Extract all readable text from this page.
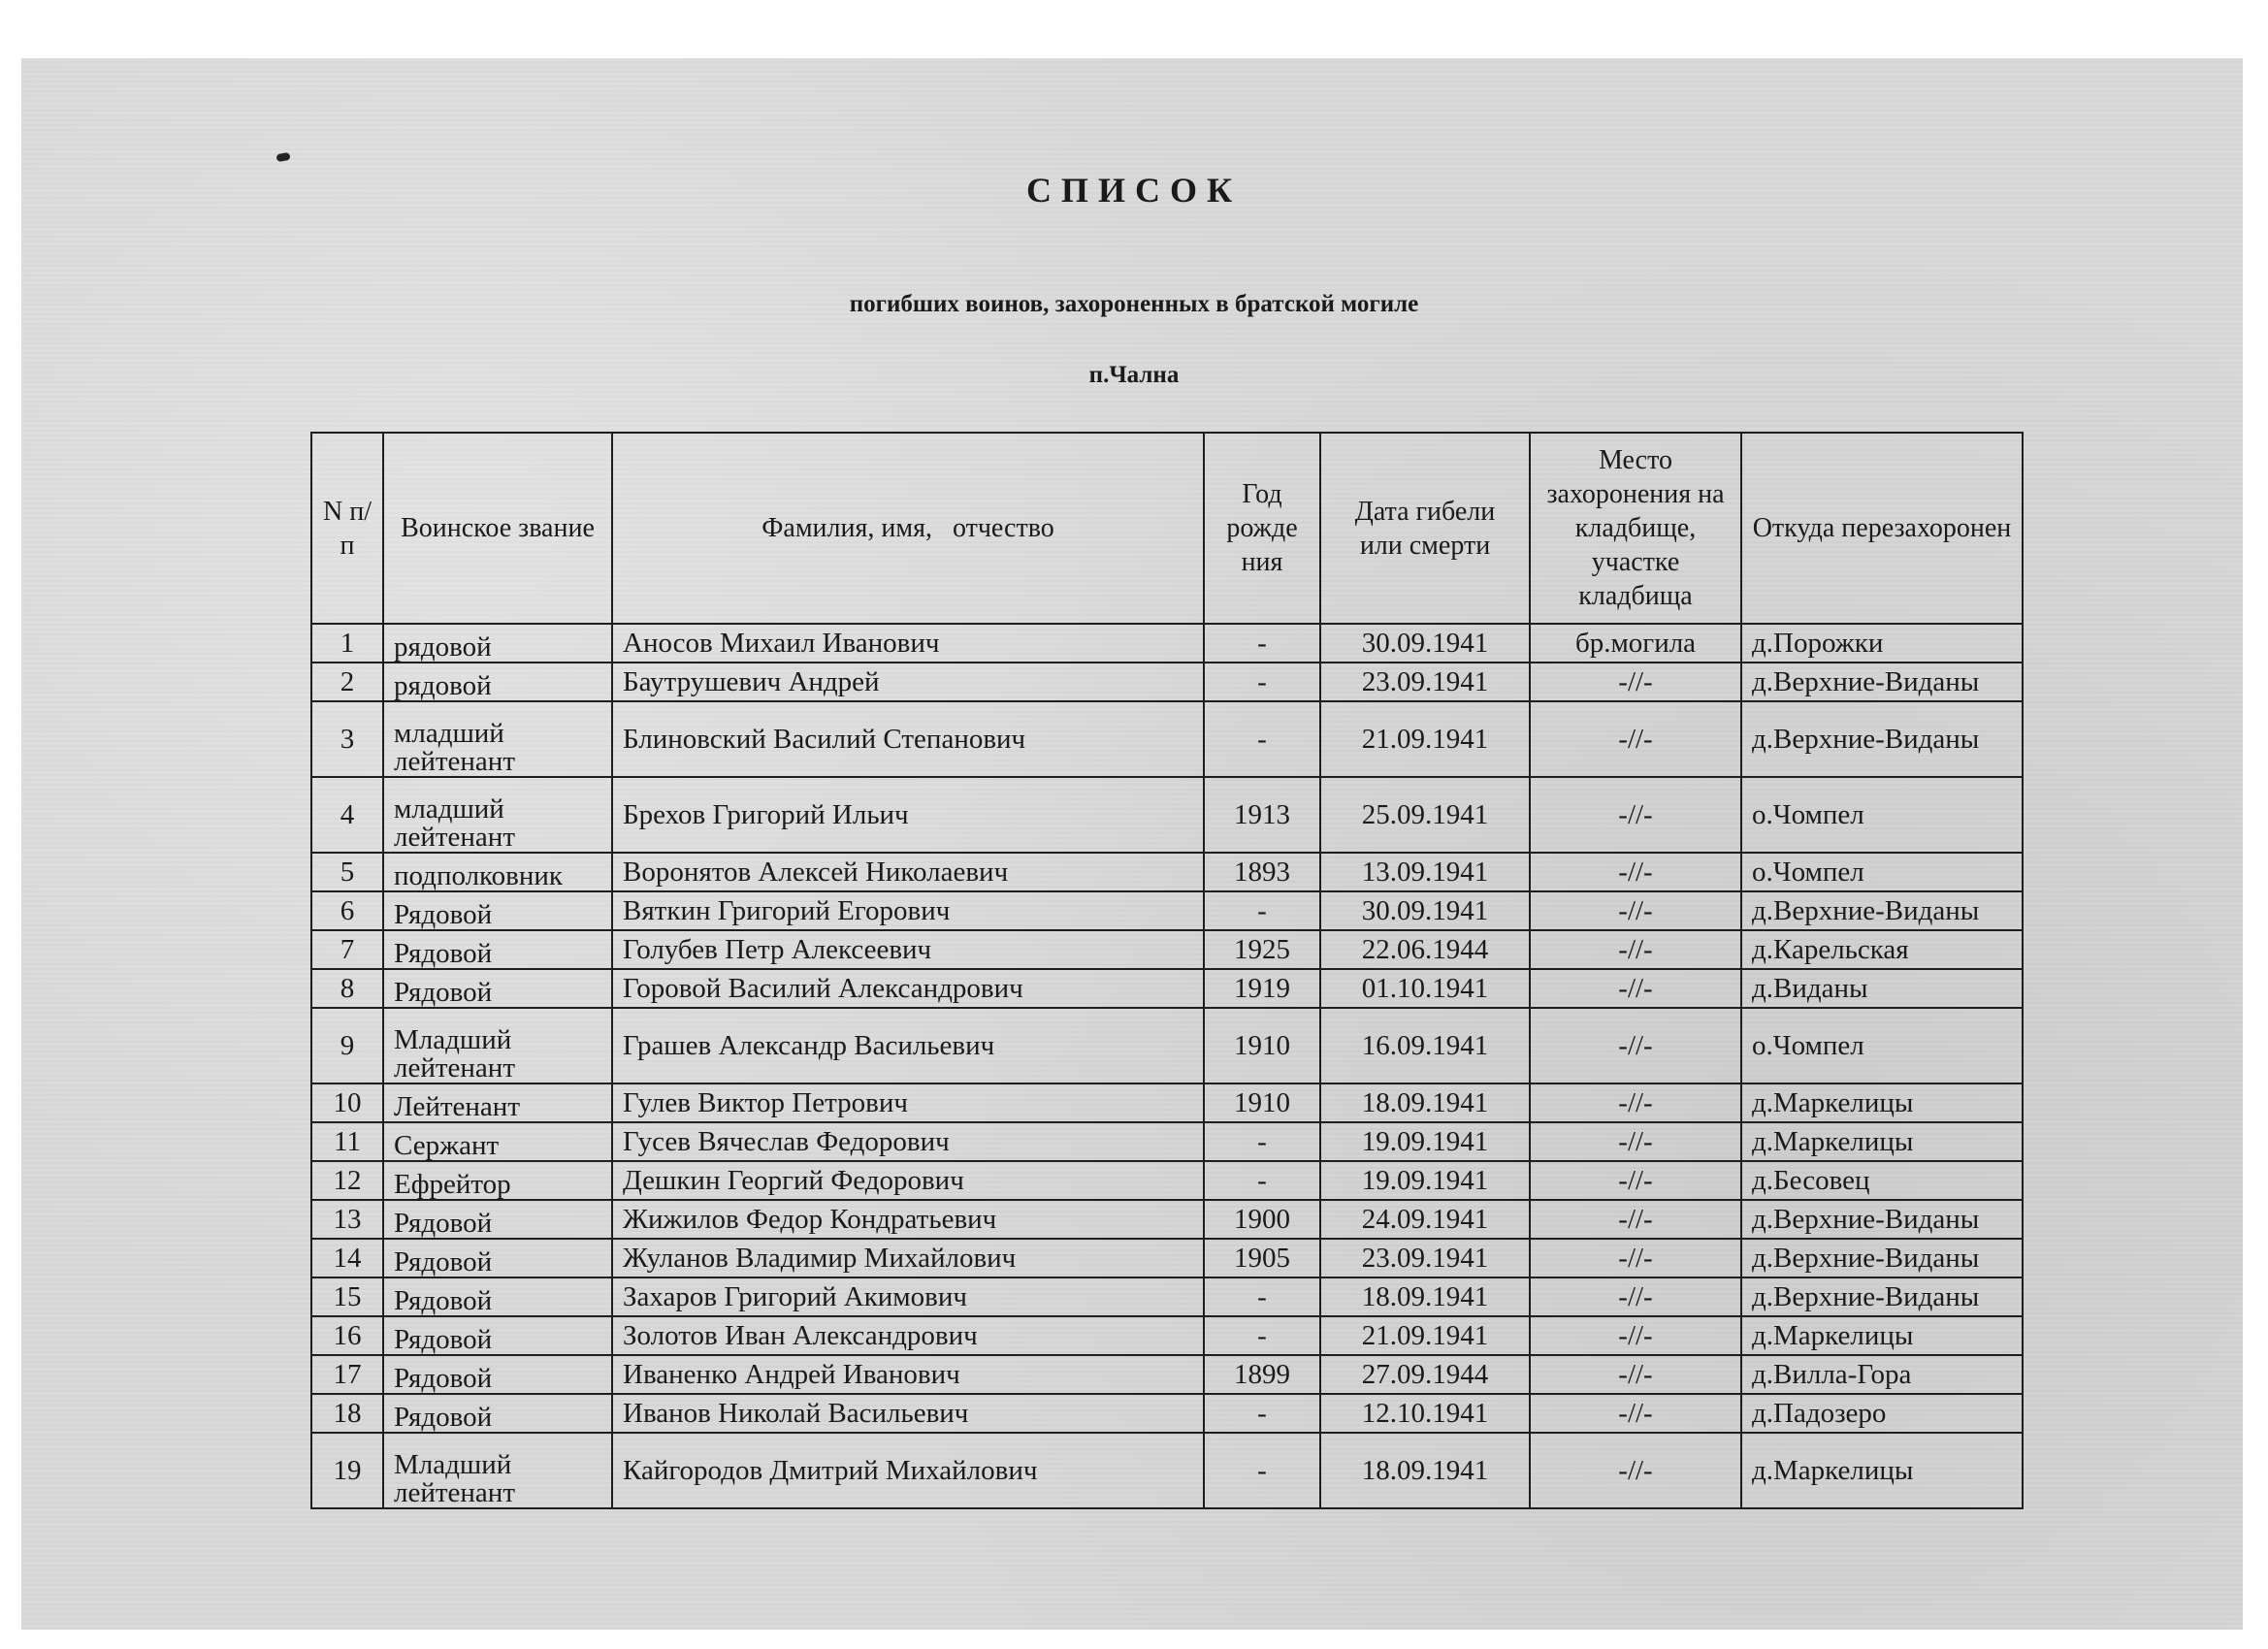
СПИСОК
погибших воинов, захороненных в братской могиле
п.Чална
N п/п	Воинское звание	Фамилия, имя,   отчество	Год рожде ния	Дата гибели или смерти	Место захоронения на кладбище, участке кладбища	Откуда перезахоронен
1	рядовой	Аносов Михаил Иванович	-	30.09.1941	бр.могила	д.Порожки
2	рядовой	Баутрушевич Андрей	-	23.09.1941	-//-	д.Верхние-Виданы
3	младший лейтенант	Блиновский Василий Степанович	-	21.09.1941	-//-	д.Верхние-Виданы
4	младший лейтенант	Брехов Григорий Ильич	1913	25.09.1941	-//-	о.Чомпел
5	подполковник	Воронятов Алексей Николаевич	1893	13.09.1941	-//-	о.Чомпел
6	Рядовой	Вяткин Григорий Егорович	-	30.09.1941	-//-	д.Верхние-Виданы
7	Рядовой	Голубев Петр Алексеевич	1925	22.06.1944	-//-	д.Карельская
8	Рядовой	Горовой Василий Александрович	1919	01.10.1941	-//-	д.Виданы
9	Младший лейтенант	Грашев Александр Васильевич	1910	16.09.1941	-//-	о.Чомпел
10	Лейтенант	Гулев Виктор Петрович	1910	18.09.1941	-//-	д.Маркелицы
11	Сержант	Гусев Вячеслав Федорович	-	19.09.1941	-//-	д.Маркелицы
12	Ефрейтор	Дешкин Георгий Федорович	-	19.09.1941	-//-	д.Бесовец
13	Рядовой	Жижилов Федор Кондратьевич	1900	24.09.1941	-//-	д.Верхние-Виданы
14	Рядовой	Жуланов Владимир Михайлович	1905	23.09.1941	-//-	д.Верхние-Виданы
15	Рядовой	Захаров Григорий Акимович	-	18.09.1941	-//-	д.Верхние-Виданы
16	Рядовой	Золотов Иван Александрович	-	21.09.1941	-//-	д.Маркелицы
17	Рядовой	Иваненко Андрей Иванович	1899	27.09.1944	-//-	д.Вилла-Гора
18	Рядовой	Иванов Николай Васильевич	-	12.10.1941	-//-	д.Падозеро
19	Младший лейтенант	Кайгородов Дмитрий Михайлович	-	18.09.1941	-//-	д.Маркелицы
